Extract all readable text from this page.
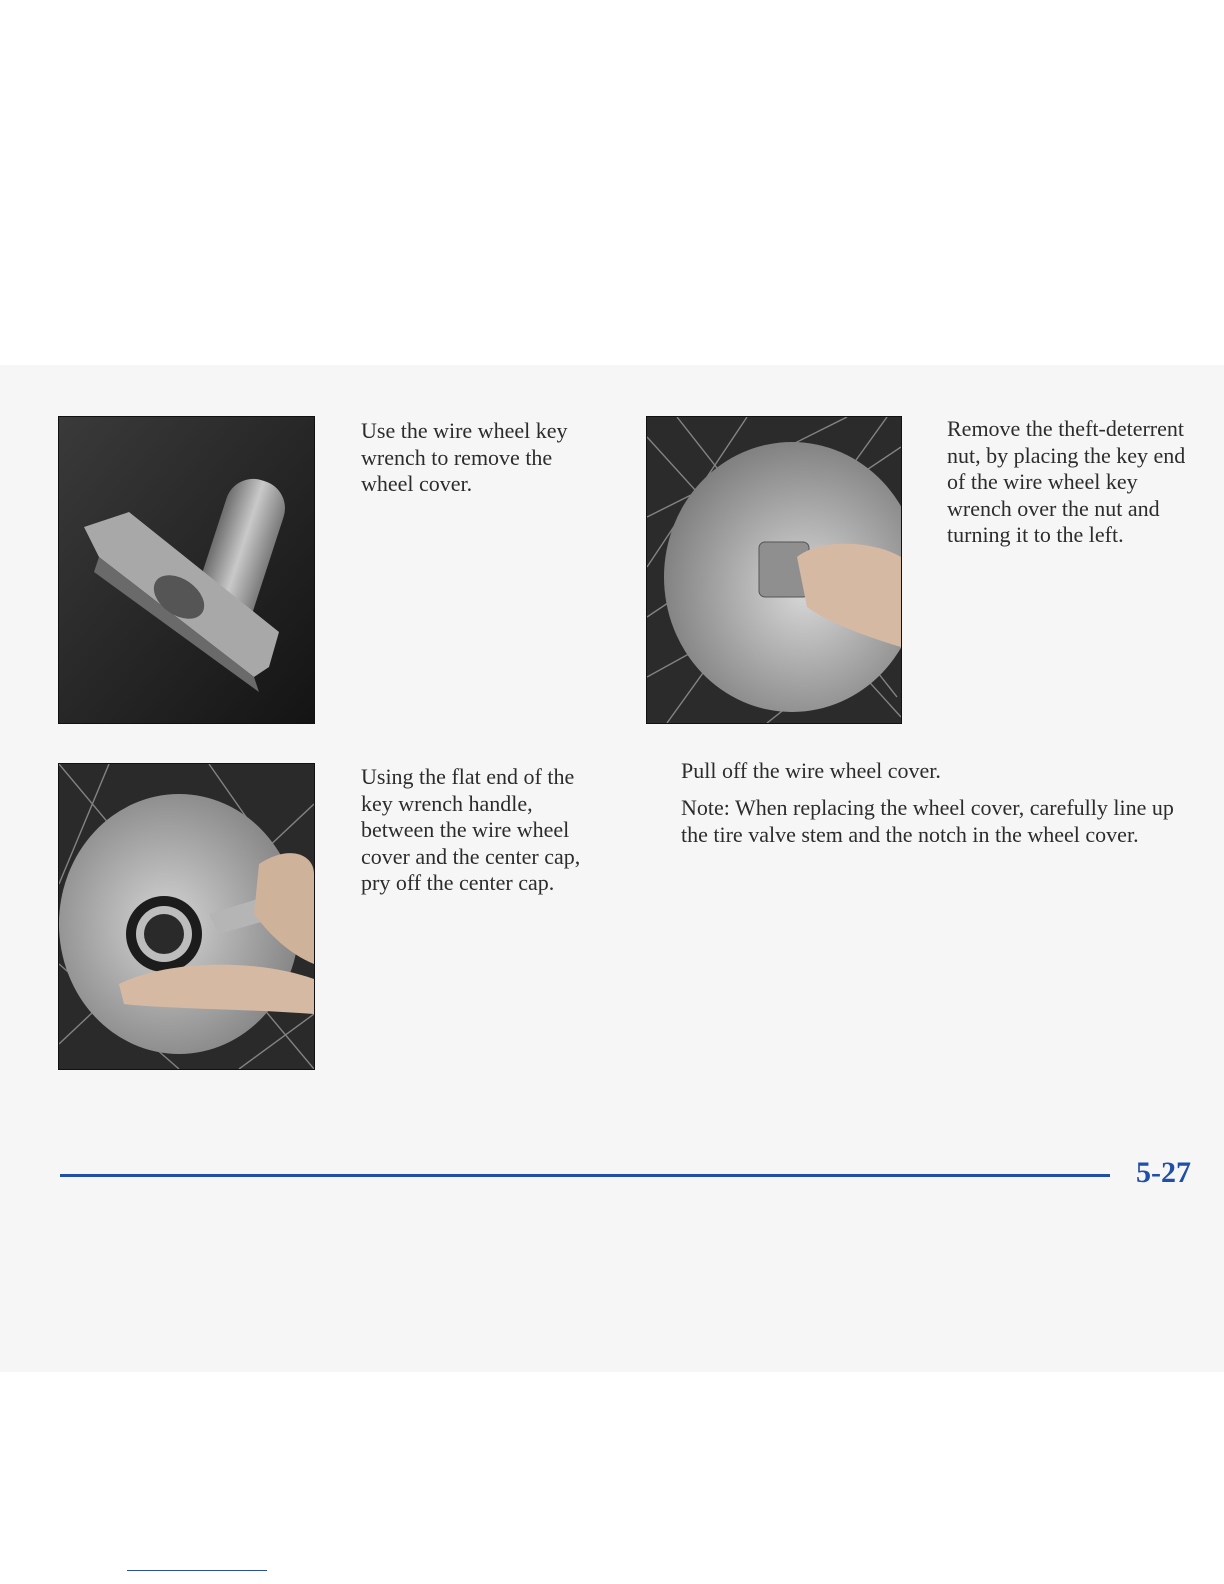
Use the wire wheel key wrench to remove the wheel cover.

Remove the theft-deterrent nut, by placing the key end of the wire wheel key wrench over the nut and turning it to the left.

Using the flat end of the key wrench handle, between the wire wheel cover and the center cap, pry off the center cap.

Pull off the wire wheel cover.

Note: When replacing the wheel cover, carefully line up the tire valve stem and the notch in the wheel cover.

5-27
